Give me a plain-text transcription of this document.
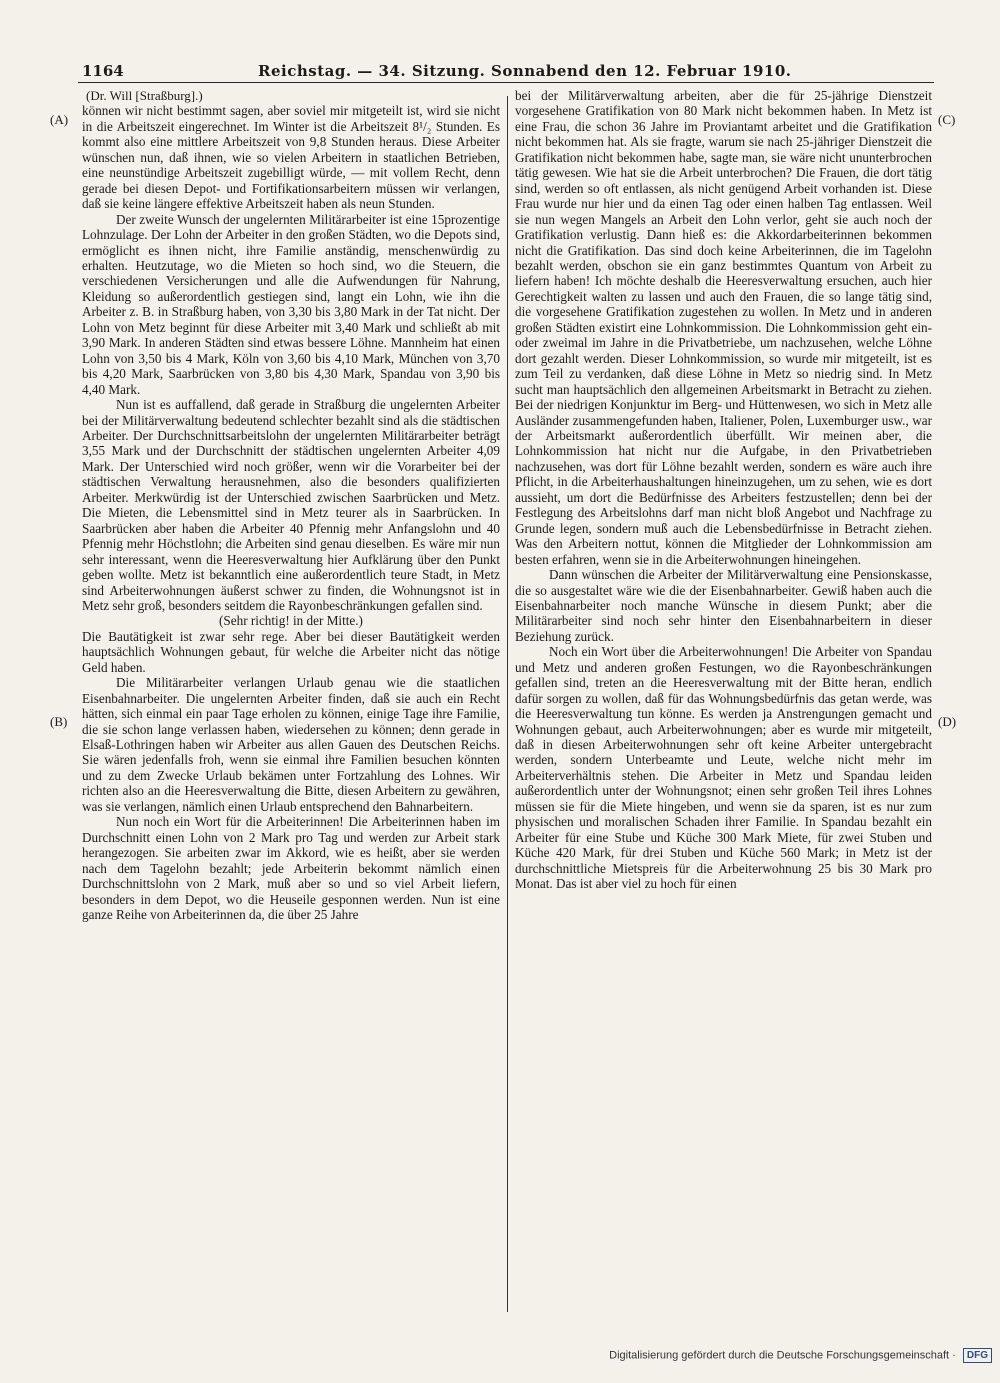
1164	Reichstag. — 34. Sitzung. Sonnabend den 12. Februar 1910.
(A)
(B)
(C)
(D)

(Dr. Will [Straßburg].)

können wir nicht bestimmt sagen, aber soviel mir mitgeteilt ist, wird sie nicht in die Arbeitszeit eingerechnet. Im Winter ist die Arbeitszeit 8¹/₂ Stunden. Es kommt also eine mittlere Arbeitszeit von 9,8 Stunden heraus. Diese Arbeiter wünschen nun, daß ihnen, wie so vielen Arbeitern in staatlichen Betrieben, eine neunstündige Arbeitszeit zugebilligt würde, — mit vollem Recht, denn gerade bei diesen Depot- und Fortifikationsarbeitern müssen wir verlangen, daß sie keine längere effektive Arbeitszeit haben als neun Stunden.

Der zweite Wunsch der ungelernten Militärarbeiter ist eine 15prozentige Lohnzulage. Der Lohn der Arbeiter in den großen Städten, wo die Depots sind, ermöglicht es ihnen nicht, ihre Familie anständig, menschenwürdig zu erhalten. Heutzutage, wo die Mieten so hoch sind, wo die Steuern, die verschiedenen Versicherungen und alle die Aufwendungen für Nahrung, Kleidung so außerordentlich gestiegen sind, langt ein Lohn, wie ihn die Arbeiter z. B. in Straßburg haben, von 3,30 bis 3,80 Mark in der Tat nicht. Der Lohn von Metz beginnt für diese Arbeiter mit 3,40 Mark und schließt ab mit 3,90 Mark. In anderen Städten sind etwas bessere Löhne. Mannheim hat einen Lohn von 3,50 bis 4 Mark, Köln von 3,60 bis 4,10 Mark, München von 3,70 bis 4,20 Mark, Saarbrücken von 3,80 bis 4,30 Mark, Spandau von 3,90 bis 4,40 Mark.

Nun ist es auffallend, daß gerade in Straßburg die ungelernten Arbeiter bei der Militärverwaltung bedeutend schlechter bezahlt sind als die städtischen Arbeiter. Der Durchschnittsarbeitslohn der ungelernten Militärarbeiter beträgt 3,55 Mark und der Durchschnitt der städtischen ungelernten Arbeiter 4,09 Mark. Der Unterschied wird noch größer, wenn wir die Vorarbeiter bei der städtischen Verwaltung herausnehmen, also die besonders qualifizierten Arbeiter. Merkwürdig ist der Unterschied zwischen Saarbrücken und Metz. Die Mieten, die Lebensmittel sind in Metz teurer als in Saarbrücken. In Saarbrücken aber haben die Arbeiter 40 Pfennig mehr Anfangslohn und 40 Pfennig mehr Höchstlohn; die Arbeiten sind genau dieselben. Es wäre mir nun sehr interessant, wenn die Heeresverwaltung hier Aufklärung über den Punkt geben wollte. Metz ist bekanntlich eine außerordentlich teure Stadt, in Metz sind Arbeiterwohnungen äußerst schwer zu finden, die Wohnungsnot ist in Metz sehr groß, besonders seitdem die Rayonbeschränkungen gefallen sind.

(Sehr richtig! in der Mitte.)

Die Bautätigkeit ist zwar sehr rege. Aber bei dieser Bautätigkeit werden hauptsächlich Wohnungen gebaut, für welche die Arbeiter nicht das nötige Geld haben.

Die Militärarbeiter verlangen Urlaub genau wie die staatlichen Eisenbahnarbeiter. Die ungelernten Arbeiter finden, daß sie auch ein Recht hätten, sich einmal ein paar Tage erholen zu können, einige Tage ihre Familie, die sie schon lange verlassen haben, wiedersehen zu können; denn gerade in Elsaß-Lothringen haben wir Arbeiter aus allen Gauen des Deutschen Reichs. Sie wären jedenfalls froh, wenn sie einmal ihre Familien besuchen könnten und zu dem Zwecke Urlaub bekämen unter Fortzahlung des Lohnes. Wir richten also an die Heeresverwaltung die Bitte, diesen Arbeitern zu gewähren, was sie verlangen, nämlich einen Urlaub entsprechend den Bahnarbeitern.

Nun noch ein Wort für die Arbeiterinnen! Die Arbeiterinnen haben im Durchschnitt einen Lohn von 2 Mark pro Tag und werden zur Arbeit stark herangezogen. Sie arbeiten zwar im Akkord, wie es heißt, aber sie werden nach dem Tagelohn bezahlt; jede Arbeiterin bekommt nämlich einen Durchschnittslohn von 2 Mark, muß aber so und so viel Arbeit liefern, besonders in dem Depot, wo die Heuseile gesponnen werden. Nun ist eine ganze Reihe von Arbeiterinnen da, die über 25 Jahre

bei der Militärverwaltung arbeiten, aber die für 25-jährige Dienstzeit vorgesehene Gratifikation von 80 Mark nicht bekommen haben. In Metz ist eine Frau, die schon 36 Jahre im Proviantamt arbeitet und die Gratifikation nicht bekommen hat. Als sie fragte, warum sie nach 25-jähriger Dienstzeit die Gratifikation nicht bekommen habe, sagte man, sie wäre nicht ununterbrochen tätig gewesen. Wie hat sie die Arbeit unterbrochen? Die Frauen, die dort tätig sind, werden so oft entlassen, als nicht genügend Arbeit vorhanden ist. Diese Frau wurde nur hier und da einen Tag oder einen halben Tag entlassen. Weil sie nun wegen Mangels an Arbeit den Lohn verlor, geht sie auch noch der Gratifikation verlustig. Dann hieß es: die Akkordarbeiterinnen bekommen nicht die Gratifikation. Das sind doch keine Arbeiterinnen, die im Tagelohn bezahlt werden, obschon sie ein ganz bestimmtes Quantum von Arbeit zu liefern haben! Ich möchte deshalb die Heeresverwaltung ersuchen, auch hier Gerechtigkeit walten zu lassen und auch den Frauen, die so lange tätig sind, die vorgesehene Gratifikation zugestehen zu wollen. In Metz und in anderen großen Städten existirt eine Lohnkommission. Die Lohnkommission geht ein- oder zweimal im Jahre in die Privatbetriebe, um nachzusehen, welche Löhne dort gezahlt werden. Dieser Lohnkommission, so wurde mir mitgeteilt, ist es zum Teil zu verdanken, daß diese Löhne in Metz so niedrig sind. In Metz sucht man hauptsächlich den allgemeinen Arbeitsmarkt in Betracht zu ziehen. Bei der niedrigen Konjunktur im Berg- und Hüttenwesen, wo sich in Metz alle Ausländer zusammengefunden haben, Italiener, Polen, Luxemburger usw., war der Arbeitsmarkt außerordentlich überfüllt. Wir meinen aber, die Lohnkommission hat nicht nur die Aufgabe, in den Privatbetrieben nachzusehen, was dort für Löhne bezahlt werden, sondern es wäre auch ihre Pflicht, in die Arbeiterhaushaltungen hineinzugehen, um zu sehen, wie es dort aussieht, um dort die Bedürfnisse des Arbeiters festzustellen; denn bei der Festlegung des Arbeitslohns darf man nicht bloß Angebot und Nachfrage zu Grunde legen, sondern muß auch die Lebensbedürfnisse in Betracht ziehen. Was den Arbeitern nottut, können die Mitglieder der Lohnkommission am besten erfahren, wenn sie in die Arbeiterwohnungen hineingehen.

Dann wünschen die Arbeiter der Militärverwaltung eine Pensionskasse, die so ausgestaltet wäre wie die der Eisenbahnarbeiter. Gewiß haben auch die Eisenbahnarbeiter noch manche Wünsche in diesem Punkt; aber die Militärarbeiter sind noch sehr hinter den Eisenbahnarbeitern in dieser Beziehung zurück.

Noch ein Wort über die Arbeiterwohnungen! Die Arbeiter von Spandau und Metz und anderen großen Festungen, wo die Rayonbeschränkungen gefallen sind, treten an die Heeresverwaltung mit der Bitte heran, endlich dafür sorgen zu wollen, daß für das Wohnungsbedürfnis das getan werde, was die Heeresverwaltung tun könne. Es werden ja Anstrengungen gemacht und Wohnungen gebaut, auch Arbeiterwohnungen; aber es wurde mir mitgeteilt, daß in diesen Arbeiterwohnungen sehr oft keine Arbeiter untergebracht werden, sondern Unterbeamte und Leute, welche nicht mehr im Arbeiterverhältnis stehen. Die Arbeiter in Metz und Spandau leiden außerordentlich unter der Wohnungsnot; einen sehr großen Teil ihres Lohnes müssen sie für die Miete hingeben, und wenn sie da sparen, ist es nur zum physischen und moralischen Schaden ihrer Familie. In Spandau bezahlt ein Arbeiter für eine Stube und Küche 300 Mark Miete, für zwei Stuben und Küche 420 Mark, für drei Stuben und Küche 560 Mark; in Metz ist der durchschnittliche Mietspreis für die Arbeiterwohnung 25 bis 30 Mark pro Monat. Das ist aber viel zu hoch für einen

Digitalisierung gefördert durch die Deutsche Forschungsgemeinschaft · DFG
